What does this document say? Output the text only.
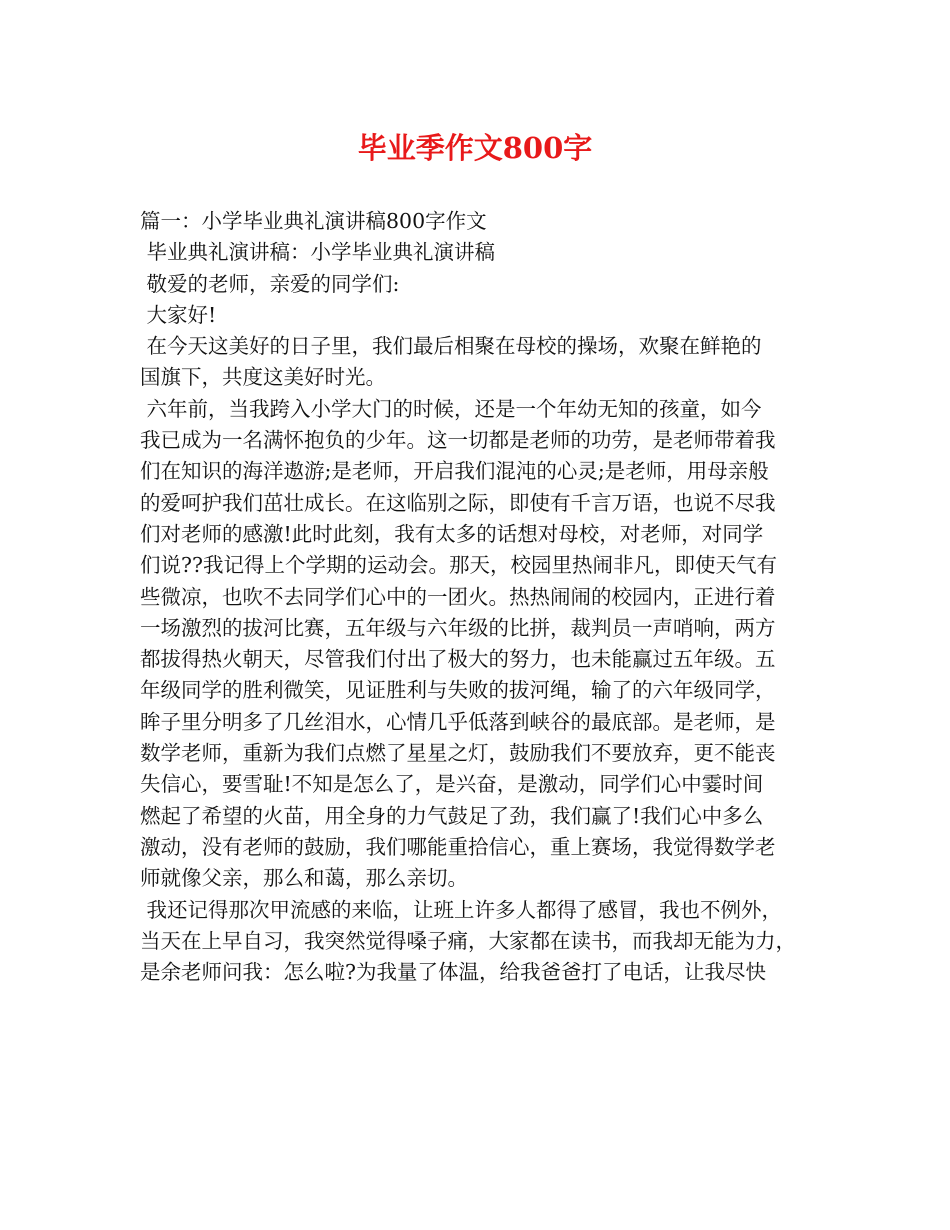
毕业季作文800字
篇一：小学毕业典礼演讲稿800字作文
毕业典礼演讲稿：小学毕业典礼演讲稿
敬爱的老师，亲爱的同学们:
大家好!
在今天这美好的日子里，我们最后相聚在母校的操场，欢聚在鲜艳的
国旗下，共度这美好时光。
六年前，当我跨入小学大门的时候，还是一个年幼无知的孩童，如今
我已成为一名满怀抱负的少年。这一切都是老师的功劳，是老师带着我
们在知识的海洋遨游;是老师，开启我们混沌的心灵;是老师，用母亲般
的爱呵护我们茁壮成长。在这临别之际，即使有千言万语，也说不尽我
们对老师的感激!此时此刻，我有太多的话想对母校，对老师，对同学
们说??我记得上个学期的运动会。那天，校园里热闹非凡，即使天气有
些微凉，也吹不去同学们心中的一团火。热热闹闹的校园内，正进行着
一场激烈的拔河比赛，五年级与六年级的比拼，裁判员一声哨响，两方
都拔得热火朝天，尽管我们付出了极大的努力，也未能赢过五年级。五
年级同学的胜利微笑，见证胜利与失败的拔河绳，输了的六年级同学，
眸子里分明多了几丝泪水，心情几乎低落到峡谷的最底部。是老师，是
数学老师，重新为我们点燃了星星之灯，鼓励我们不要放弃，更不能丧
失信心，要雪耻!不知是怎么了，是兴奋，是激动，同学们心中霎时间
燃起了希望的火苗，用全身的力气鼓足了劲，我们赢了!我们心中多么
激动，没有老师的鼓励，我们哪能重拾信心，重上赛场，我觉得数学老
师就像父亲，那么和蔼，那么亲切。
我还记得那次甲流感的来临，让班上许多人都得了感冒，我也不例外，
当天在上早自习，我突然觉得嗓子痛，大家都在读书，而我却无能为力，
是余老师问我：怎么啦?为我量了体温，给我爸爸打了电话，让我尽快
